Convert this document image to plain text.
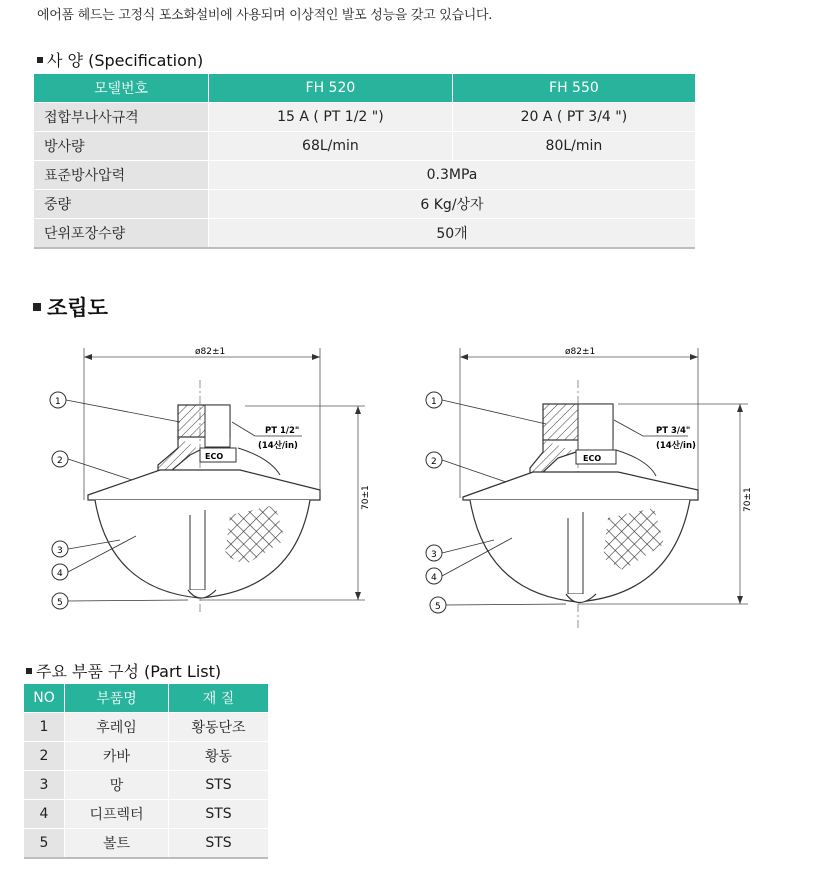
에어폼 헤드는 고정식 포소화설비에 사용되며 이상적인 발포 성능을 갖고 있습니다.
사 양 (Specification)
모델번호	FH 520	FH 550
접합부나사규격	15 A ( PT 1/2 ")	20 A ( PT 3/4 ")
방사량	68L/min	80L/min
표준방사압력	0.3MPa	
중량	6 Kg/상자	
단위포장수량	50개	
조립도
ø82±1
70±1
ECO
PT 1/2"
(14산/in)
1
2
3
4
5
ø82±1
70±1
ECO
PT 3/4"
(14산/in)
1
2
3
4
5
주요 부품 구성 (Part List)
NO	부품명	재 질
1	후레임	황동단조
2	카바	황동
3	망	STS
4	디프렉터	STS
5	볼트	STS
